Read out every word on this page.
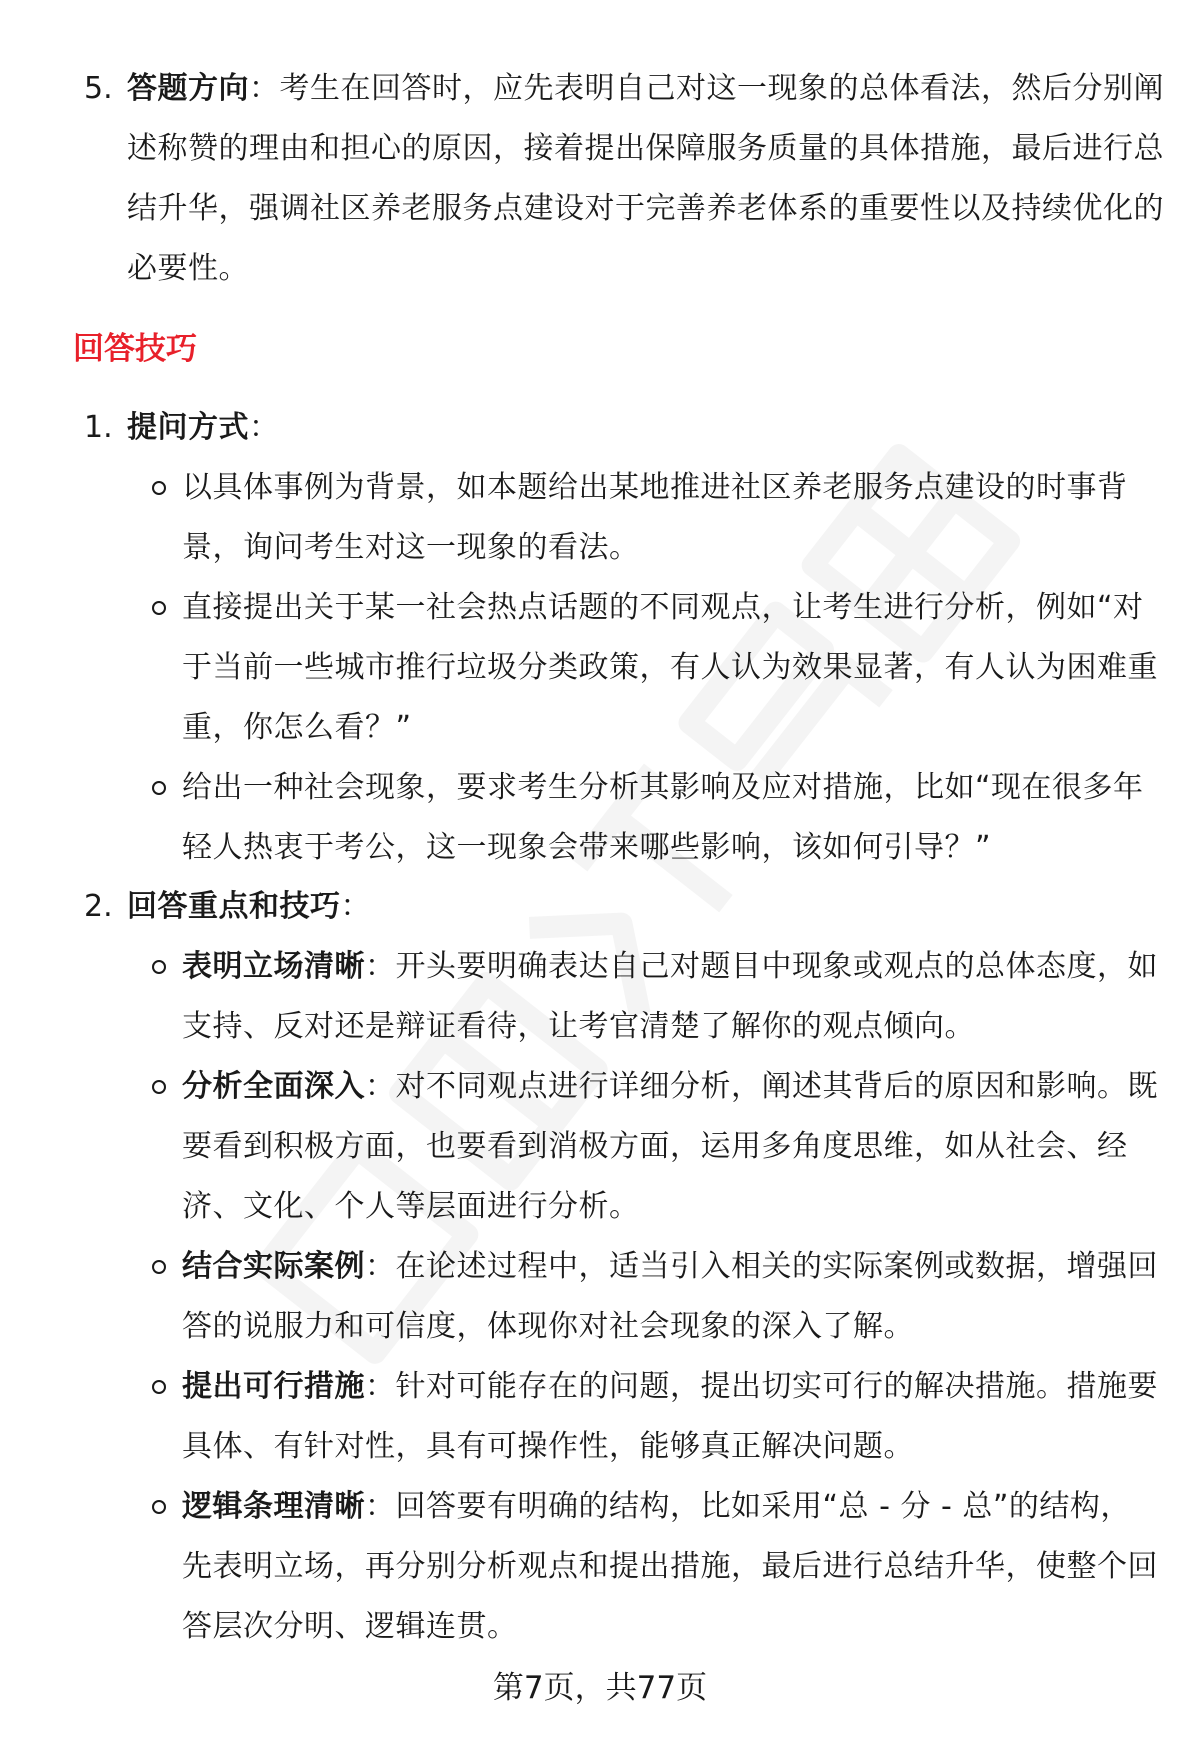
5. 答题方向：考生在回答时，应先表明自己对这一现象的总体看法，然后分别阐
述称赞的理由和担心的原因，接着提出保障服务质量的具体措施，最后进行总
结升华，强调社区养老服务点建设对于完善养老体系的重要性以及持续优化的
必要性。
回答技巧
1. 提问方式：
以具体事例为背景，如本题给出某地推进社区养老服务点建设的时事背
景，询问考生对这一现象的看法。
直接提出关于某一社会热点话题的不同观点，让考生进行分析，例如“对
于当前一些城市推行垃圾分类政策，有人认为效果显著，有人认为困难重
重，你怎么看？”
给出一种社会现象，要求考生分析其影响及应对措施，比如“现在很多年
轻人热衷于考公，这一现象会带来哪些影响，该如何引导？”
2. 回答重点和技巧：
表明立场清晰：开头要明确表达自己对题目中现象或观点的总体态度，如
支持、反对还是辩证看待，让考官清楚了解你的观点倾向。
分析全面深入：对不同观点进行详细分析，阐述其背后的原因和影响。既
要看到积极方面，也要看到消极方面，运用多角度思维，如从社会、经
济、文化、个人等层面进行分析。
结合实际案例：在论述过程中，适当引入相关的实际案例或数据，增强回
答的说服力和可信度，体现你对社会现象的深入了解。
提出可行措施：针对可能存在的问题，提出切实可行的解决措施。措施要
具体、有针对性，具有可操作性，能够真正解决问题。
逻辑条理清晰：回答要有明确的结构，比如采用“总 - 分 - 总”的结构，
先表明立场，再分别分析观点和提出措施，最后进行总结升华，使整个回
答层次分明、逻辑连贯。
第7页，共77页
